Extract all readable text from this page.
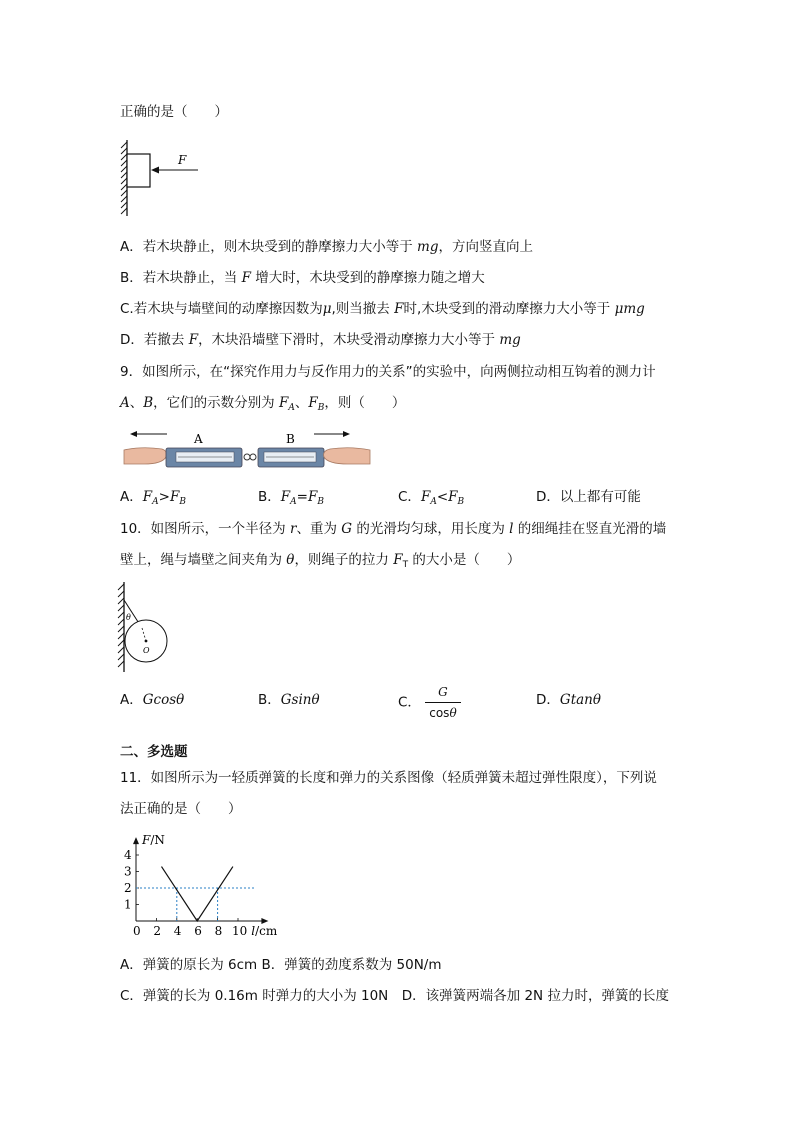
正确的是（　　）
F
A．若木块静止，则木块受到的静摩擦力大小等于 mg，方向竖直向上
B．若木块静止，当 F 增大时，木块受到的静摩擦力随之增大
C.若木块与墙壁间的动摩擦因数为μ,则当撤去 F时,木块受到的滑动摩擦力大小等于 μmg
D．若撤去 F，木块沿墙壁下滑时，木块受滑动摩擦力大小等于 mg
9．如图所示，在“探究作用力与反作用力的关系”的实验中，向两侧拉动相互钩着的测力计
A、B，它们的示数分别为 $F_A$、$F_B$，则（　　）
A	B
A．$F_A>F_B$	B．$F_A=F_B$	C．$F_A<F_B$	D．以上都有可能
10．如图所示，一个半径为 r、重为 G 的光滑均匀球，用长度为 l 的细绳挂在竖直光滑的墙
壁上，绳与墙壁之间夹角为 θ，则绳子的拉力 $F_T$ 的大小是（　　）
θ
O
A．Gcosθ	B．Gsinθ	C． $\frac{G}{\cos\theta}$	D．Gtanθ
二、多选题
11．如图所示为一轻质弹簧的长度和弹力的关系图像（轻质弹簧未超过弹性限度），下列说
法正确的是（　　）
0 2 4 6 8 10
1
2
3
4
F/N
l/cm
A．弹簧的原长为 6cm B．弹簧的劲度系数为 50N/m
C．弹簧的长为 0.16m 时弹力的大小为 10N　D．该弹簧两端各加 2N 拉力时，弹簧的长度
